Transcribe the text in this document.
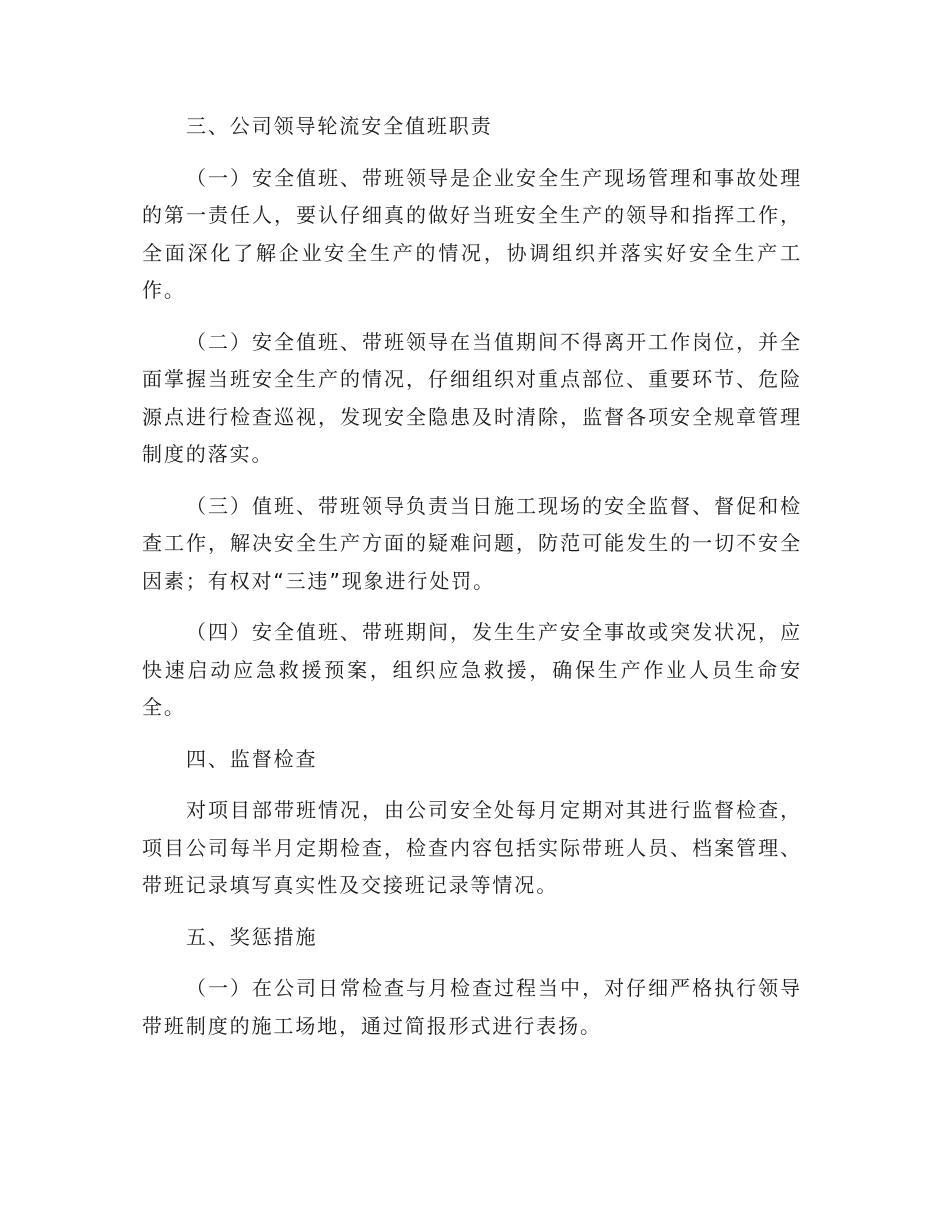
三、公司领导轮流安全值班职责

（一）安全值班、带班领导是企业安全生产现场管理和事故处理的第一责任人，要认仔细真的做好当班安全生产的领导和指挥工作，全面深化了解企业安全生产的情况，协调组织并落实好安全生产工作。

（二）安全值班、带班领导在当值期间不得离开工作岗位，并全面掌握当班安全生产的情况，仔细组织对重点部位、重要环节、危险源点进行检查巡视，发现安全隐患及时清除，监督各项安全规章管理制度的落实。

（三）值班、带班领导负责当日施工现场的安全监督、督促和检查工作，解决安全生产方面的疑难问题，防范可能发生的一切不安全因素；有权对“三违”现象进行处罚。

（四）安全值班、带班期间，发生生产安全事故或突发状况，应快速启动应急救援预案，组织应急救援，确保生产作业人员生命安全。

四、监督检查

对项目部带班情况，由公司安全处每月定期对其进行监督检查，项目公司每半月定期检查，检查内容包括实际带班人员、档案管理、带班记录填写真实性及交接班记录等情况。

五、奖惩措施

（一）在公司日常检查与月检查过程当中，对仔细严格执行领导带班制度的施工场地，通过简报形式进行表扬。
